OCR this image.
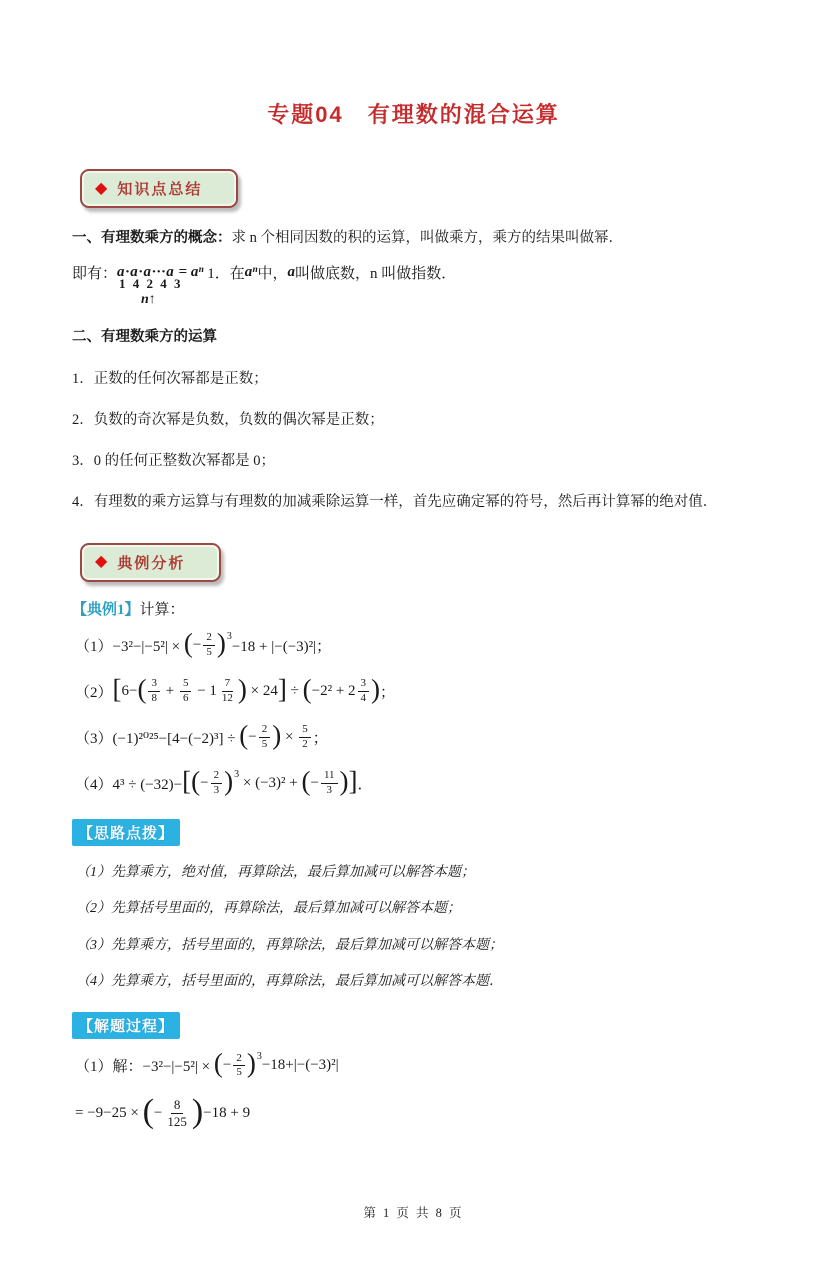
专题04　有理数的混合运算
◆ 知识点总结

一、有理数乘方的概念：求 n 个相同因数的积的运算，叫做乘方，乘方的结果叫做幂．

即有： a·a·a···a
1 4 2 4 3
n↑
= aⁿ 1．在 aⁿ 中， a 叫做底数，n 叫做指数．

二、有理数乘方的运算

1．正数的任何次幂都是正数；

2．负数的奇次幂是负数，负数的偶次幂是正数；

3．0 的任何正整数次幂都是 0；

4．有理数的乘方运算与有理数的加减乘除运算一样，首先应确定幂的符号，然后再计算幂的绝对值．

◆ 典例分析

【典例1】计算：

（1）−3²−|−5²| × ( − $\frac{2}{5}$ ) 3
−18 + |−(−3)²|；
（2） [ 6− ( $\frac{3}{8} + \frac{5}{6} - 1 \frac{7}{12}$ ) × 24 ] ÷ ( $-2^2 + 2 \frac{3}{4}$ ) ；
（3）(−1)²⁰²⁵−[4−(−2)³] ÷ ( − $\frac{2}{5}$ ) × $\frac{5}{2}$ ；
（4）4³ ÷ (−32)− [ ( − $\frac{2}{3}$ ) 3
× (−3)² + ( − $\frac{11}{3}$ ) ] ．
【思路点拨】

（1）先算乘方，绝对值，再算除法，最后算加减可以解答本题；

（2）先算括号里面的，再算除法，最后算加减可以解答本题；

（3）先算乘方，括号里面的，再算除法，最后算加减可以解答本题；

（4）先算乘方，括号里面的，再算除法，最后算加减可以解答本题．

【解题过程】
（1）解：−3²−|−5²| × ( − $\frac{2}{5}$ ) 3
−18+|−(−3)²|
= −9−25 × ( − $\frac{8}{125}$ ) −18 + 9
第 1 页 共 8 页
